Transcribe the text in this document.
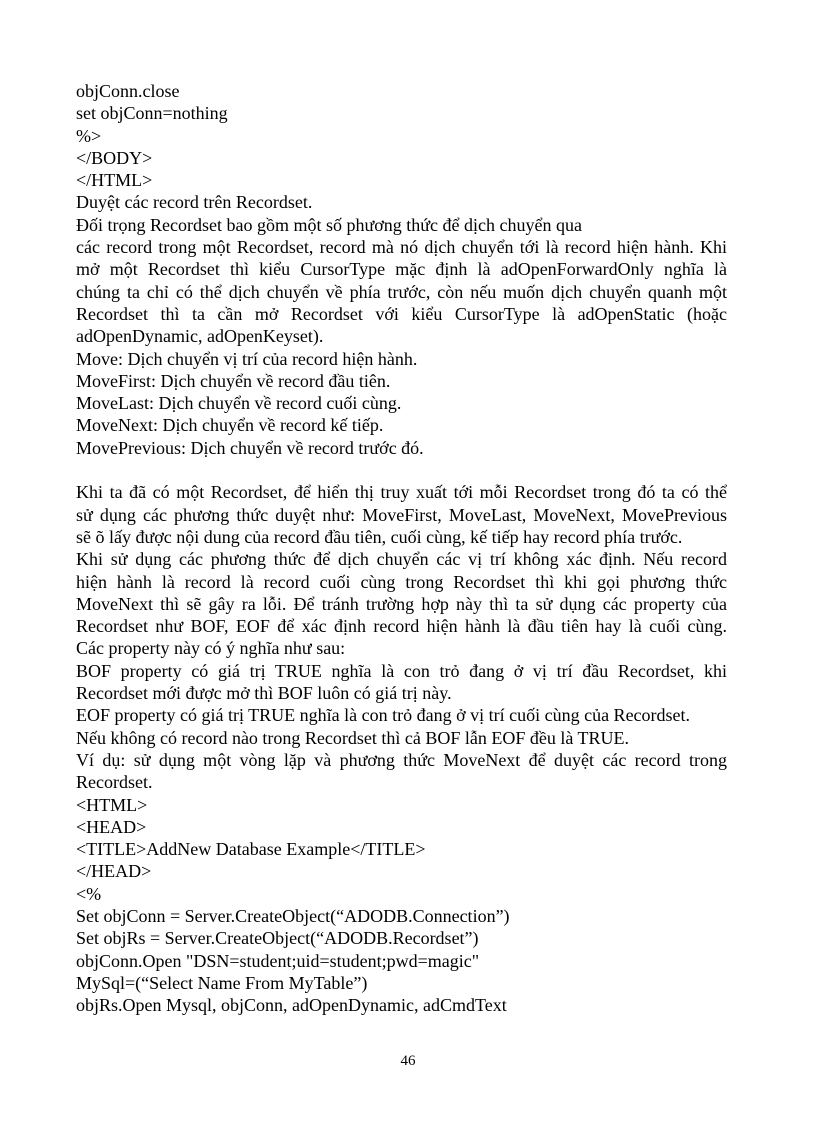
objConn.close
set objConn=nothing
%>
</BODY>
</HTML>
Duyệt các record trên Recordset.
Đối trọng Recordset bao gồm một số phương thức để dịch chuyển qua
các record trong một Recordset, record mà nó dịch chuyển tới là record hiện hành. Khi
mở một Recordset thì kiểu CursorType mặc định là adOpenForwardOnly nghĩa là
chúng ta chỉ có thể dịch chuyển về phía trước, còn nếu muốn dịch chuyển quanh một
Recordset thì ta cần mở Recordset với kiểu CursorType là adOpenStatic (hoặc
adOpenDynamic, adOpenKeyset).
Move: Dịch chuyển vị trí của record hiện hành.
MoveFirst: Dịch chuyển về record đầu tiên.
MoveLast: Dịch chuyển về record cuối cùng.
MoveNext: Dịch chuyển về record kế tiếp.
MovePrevious: Dịch chuyển về record trước đó.
Khi ta đã có một Recordset, để hiển thị truy xuất tới mỗi Recordset trong đó ta có thể
sử dụng các phương thức duyệt như: MoveFirst, MoveLast, MoveNext, MovePrevious
sẽ õ lấy được nội dung của record đầu tiên, cuối cùng, kế tiếp hay record phía trước.
Khi sử dụng các phương thức để dịch chuyển các vị trí không xác định. Nếu record
hiện hành là record là record cuối cùng trong Recordset thì khi gọi phương thức
MoveNext thì sẽ gây ra lỗi. Để tránh trường hợp này thì ta sử dụng các property của
Recordset như BOF, EOF để xác định record hiện hành là đầu tiên hay là cuối cùng.
Các property này có ý nghĩa như sau:
BOF property có giá trị TRUE nghĩa là con trỏ đang ở vị trí đầu Recordset, khi
Recordset mới được mở thì BOF luôn có giá trị này.
EOF property có giá trị TRUE nghĩa là con trỏ đang ở vị trí cuối cùng của Recordset.
Nếu không có record nào trong Recordset thì cả BOF lẫn EOF đều là TRUE.
Ví dụ: sử dụng một vòng lặp và phương thức MoveNext để duyệt các record trong
Recordset.
<HTML>
<HEAD>
<TITLE>AddNew Database Example</TITLE>
</HEAD>
<%
Set objConn = Server.CreateObject(“ADODB.Connection”)
Set objRs = Server.CreateObject(“ADODB.Recordset”)
objConn.Open "DSN=student;uid=student;pwd=magic"
MySql=(“Select Name From MyTable”)
objRs.Open Mysql, objConn, adOpenDynamic, adCmdText
46
